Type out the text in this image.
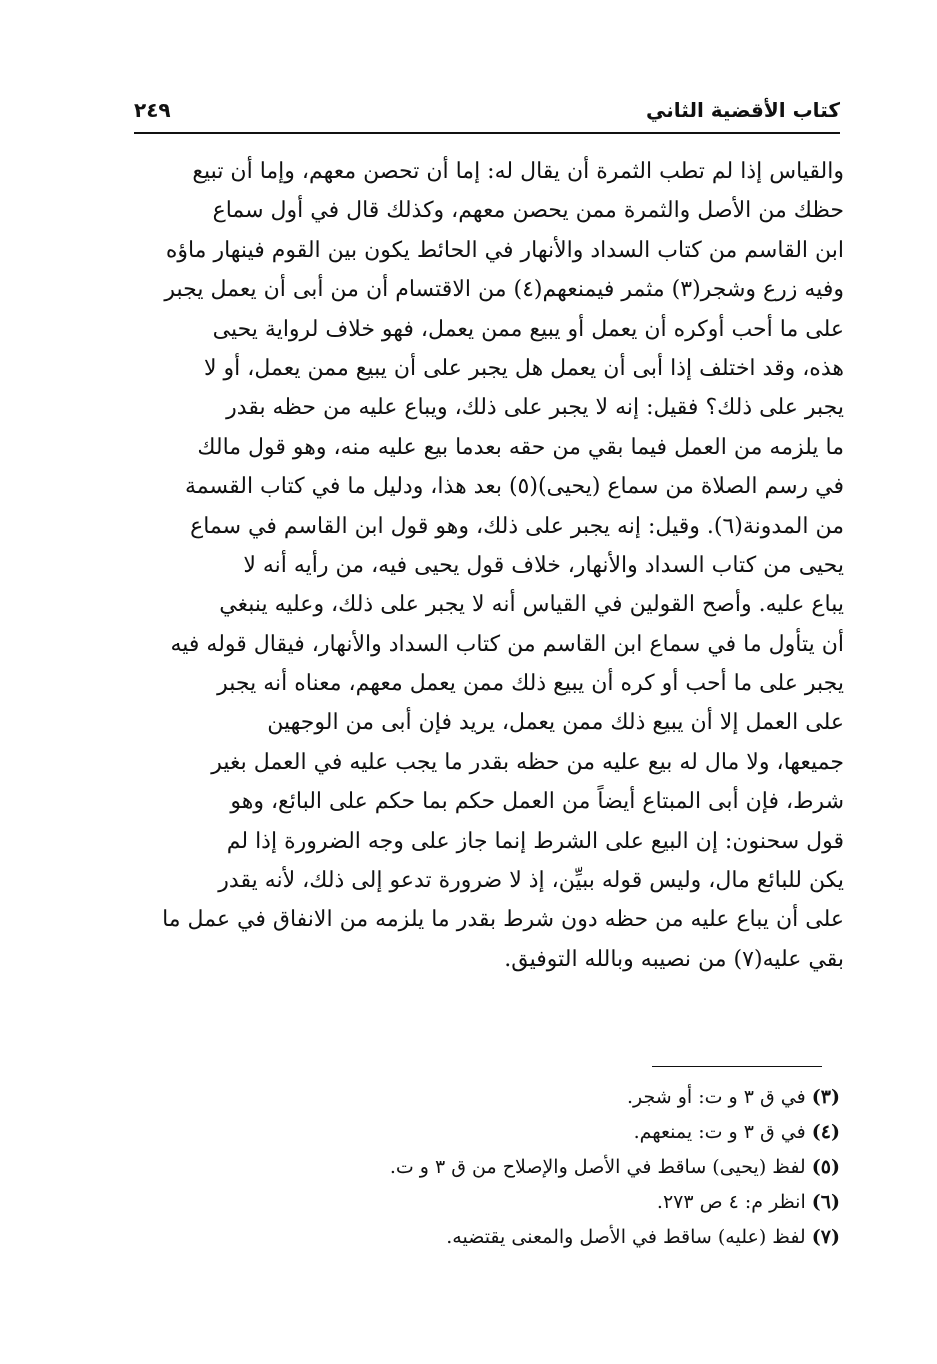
كتاب الأقضية الثاني
٢٤٩
والقياس إذا لم تطب الثمرة أن يقال له: إما أن تحصن معهم، وإما أن تبيع
حظك من الأصل والثمرة ممن يحصن معهم، وكذلك قال في أول سماع
ابن القاسم من كتاب السداد والأنهار في الحائط يكون بين القوم فينهار ماؤه
وفيه زرع وشجر(٣) مثمر فيمنعهم(٤) من الاقتسام أن من أبى أن يعمل يجبر
على ما أحب أوكره أن يعمل أو يبيع ممن يعمل، فهو خلاف لرواية يحيى
هذه، وقد اختلف إذا أبى أن يعمل هل يجبر على أن يبيع ممن يعمل، أو لا
يجبر على ذلك؟ فقيل: إنه لا يجبر على ذلك، ويباع عليه من حظه بقدر
ما يلزمه من العمل فيما بقي من حقه بعدما بيع عليه منه، وهو قول مالك
في رسم الصلاة من سماع (يحيى)(٥) بعد هذا، ودليل ما في كتاب القسمة
من المدونة(٦). وقيل: إنه يجبر على ذلك، وهو قول ابن القاسم في سماع
يحيى من كتاب السداد والأنهار، خلاف قول يحيى فيه، من رأيه أنه لا
يباع عليه. وأصح القولين في القياس أنه لا يجبر على ذلك، وعليه ينبغي
أن يتأول ما في سماع ابن القاسم من كتاب السداد والأنهار، فيقال قوله فيه
يجبر على ما أحب أو كره أن يبيع ذلك ممن يعمل معهم، معناه أنه يجبر
على العمل إلا أن يبيع ذلك ممن يعمل، يريد فإن أبى من الوجهين
جميعها، ولا مال له بيع عليه من حظه بقدر ما يجب عليه في العمل بغير
شرط، فإن أبى المبتاع أيضاً من العمل حكم بما حكم على البائع، وهو
قول سحنون: إن البيع على الشرط إنما جاز على وجه الضرورة إذا لم
يكن للبائع مال، وليس قوله ببيِّن، إذ لا ضرورة تدعو إلى ذلك، لأنه يقدر
على أن يباع عليه من حظه دون شرط بقدر ما يلزمه من الانفاق في عمل ما
بقي عليه(٧) من نصيبه وبالله التوفيق.
(٣) في ق ٣ و ت: أو شجر.
(٤) في ق ٣ و ت: يمنعهم.
(٥) لفظ (يحيى) ساقط في الأصل والإصلاح من ق ٣ و ت.
(٦) انظر م: ٤ ص ٢٧٣.
(٧) لفظ (عليه) ساقط في الأصل والمعنى يقتضيه.
